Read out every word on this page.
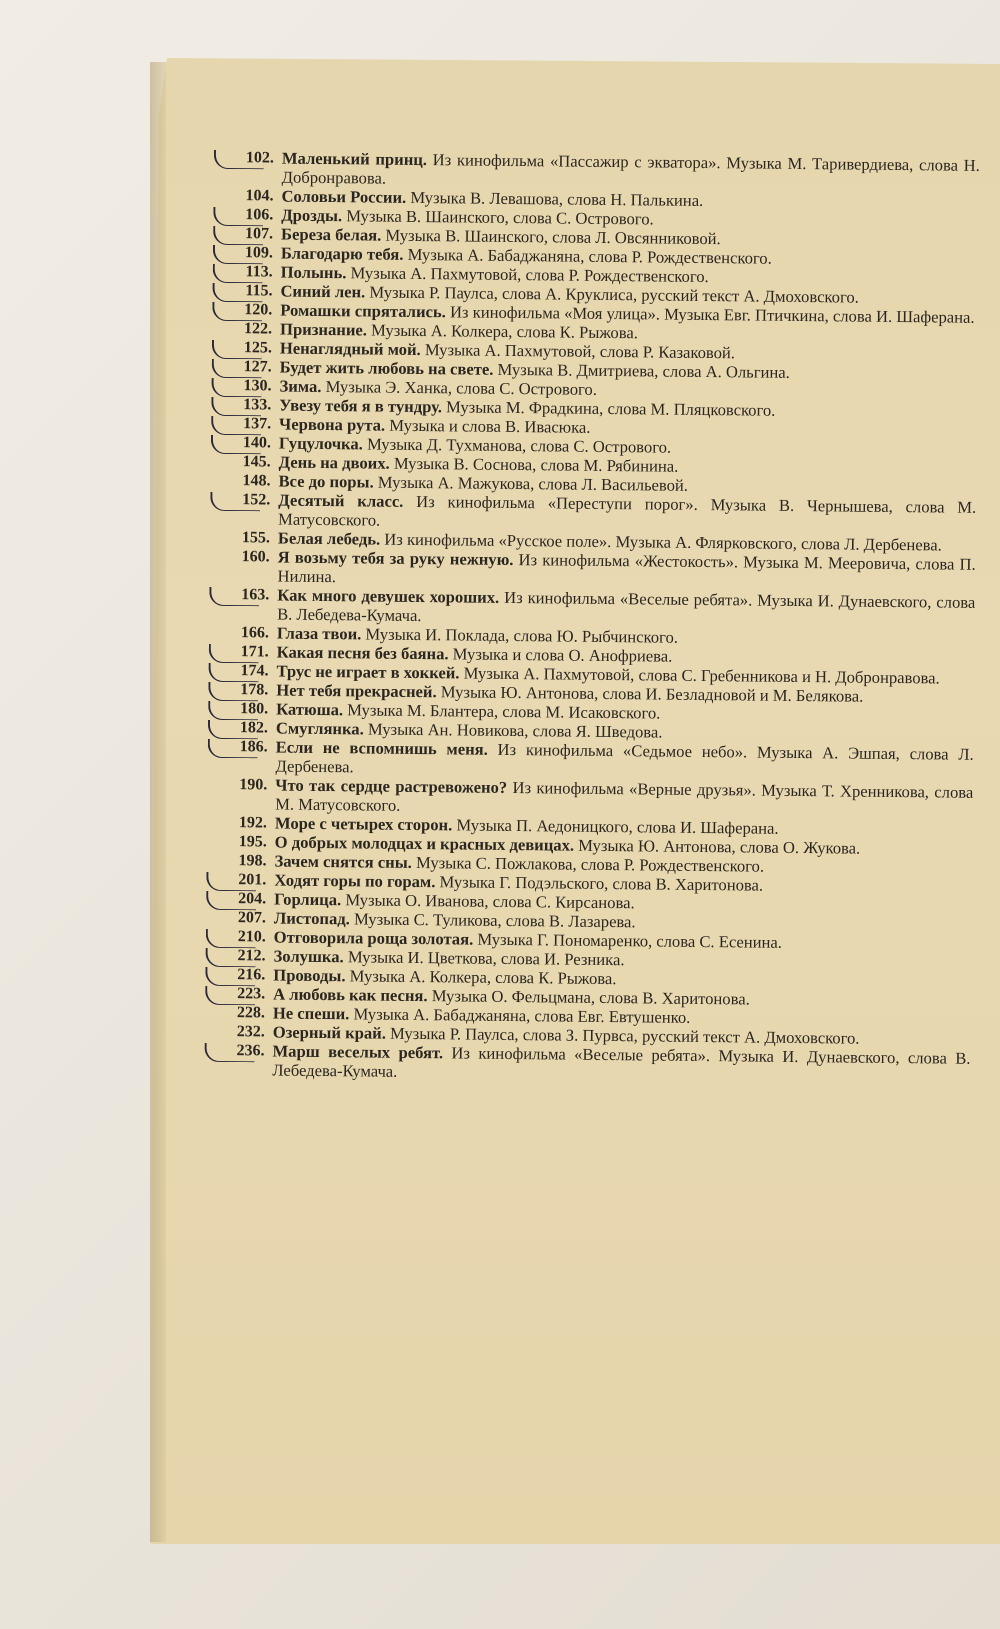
102. Маленький принц. Из кинофильма «Пассажир с экватора». Музыка М. Таривердиева, слова Н. Добронравова.
104. Соловьи России. Музыка В. Левашова, слова Н. Палькина.
106. Дрозды. Музыка В. Шаинского, слова С. Острового.
107. Береза белая. Музыка В. Шаинского, слова Л. Овсянниковой.
109. Благодарю тебя. Музыка А. Бабаджаняна, слова Р. Рождественского.
113. Полынь. Музыка А. Пахмутовой, слова Р. Рождественского.
115. Синий лен. Музыка Р. Паулса, слова А. Круклиса, русский текст А. Дмоховского.
120. Ромашки спрятались. Из кинофильма «Моя улица». Музыка Евг. Птичкина, слова И. Шаферана.
122. Признание. Музыка А. Колкера, слова К. Рыжова.
125. Ненаглядный мой. Музыка А. Пахмутовой, слова Р. Казаковой.
127. Будет жить любовь на свете. Музыка В. Дмитриева, слова А. Ольгина.
130. Зима. Музыка Э. Ханка, слова С. Острового.
133. Увезу тебя я в тундру. Музыка М. Фрадкина, слова М. Пляцковского.
137. Червона рута. Музыка и слова В. Ивасюка.
140. Гуцулочка. Музыка Д. Тухманова, слова С. Острового.
145. День на двоих. Музыка В. Соснова, слова М. Рябинина.
148. Все до поры. Музыка А. Мажукова, слова Л. Васильевой.
152. Десятый класс. Из кинофильма «Переступи порог». Музыка В. Чернышева, слова М. Матусовского.
155. Белая лебедь. Из кинофильма «Русское поле». Музыка А. Флярковского, слова Л. Дербенева.
160. Я возьму тебя за руку нежную. Из кинофильма «Жестокость». Музыка М. Мееровича, слова П. Нилина.
163. Как много девушек хороших. Из кинофильма «Веселые ребята». Музыка И. Дунаевского, слова В. Лебедева-Кумача.
166. Глаза твои. Музыка И. Поклада, слова Ю. Рыбчинского.
171. Какая песня без баяна. Музыка и слова О. Анофриева.
174. Трус не играет в хоккей. Музыка А. Пахмутовой, слова С. Гребенникова и Н. Добронравова.
178. Нет тебя прекрасней. Музыка Ю. Антонова, слова И. Безладновой и М. Белякова.
180. Катюша. Музыка М. Блантера, слова М. Исаковского.
182. Смуглянка. Музыка Ан. Новикова, слова Я. Шведова.
186. Если не вспомнишь меня. Из кинофильма «Седьмое небо». Музыка А. Эшпая, слова Л. Дербенева.
190. Что так сердце растревожено? Из кинофильма «Верные друзья». Музыка Т. Хренникова, слова М. Матусовского.
192. Море с четырех сторон. Музыка П. Аедоницкого, слова И. Шаферана.
195. О добрых молодцах и красных девицах. Музыка Ю. Антонова, слова О. Жукова.
198. Зачем снятся сны. Музыка С. Пожлакова, слова Р. Рождественского.
201. Ходят горы по горам. Музыка Г. Подэльского, слова В. Харитонова.
204. Горлица. Музыка О. Иванова, слова С. Кирсанова.
207. Листопад. Музыка С. Туликова, слова В. Лазарева.
210. Отговорила роща золотая. Музыка Г. Пономаренко, слова С. Есенина.
212. Золушка. Музыка И. Цветкова, слова И. Резника.
216. Проводы. Музыка А. Колкера, слова К. Рыжова.
223. А любовь как песня. Музыка О. Фельцмана, слова В. Харитонова.
228. Не спеши. Музыка А. Бабаджаняна, слова Евг. Евтушенко.
232. Озерный край. Музыка Р. Паулса, слова З. Пурвса, русский текст А. Дмоховского.
236. Марш веселых ребят. Из кинофильма «Веселые ребята». Музыка И. Дунаевского, слова В. Лебедева-Кумача.
